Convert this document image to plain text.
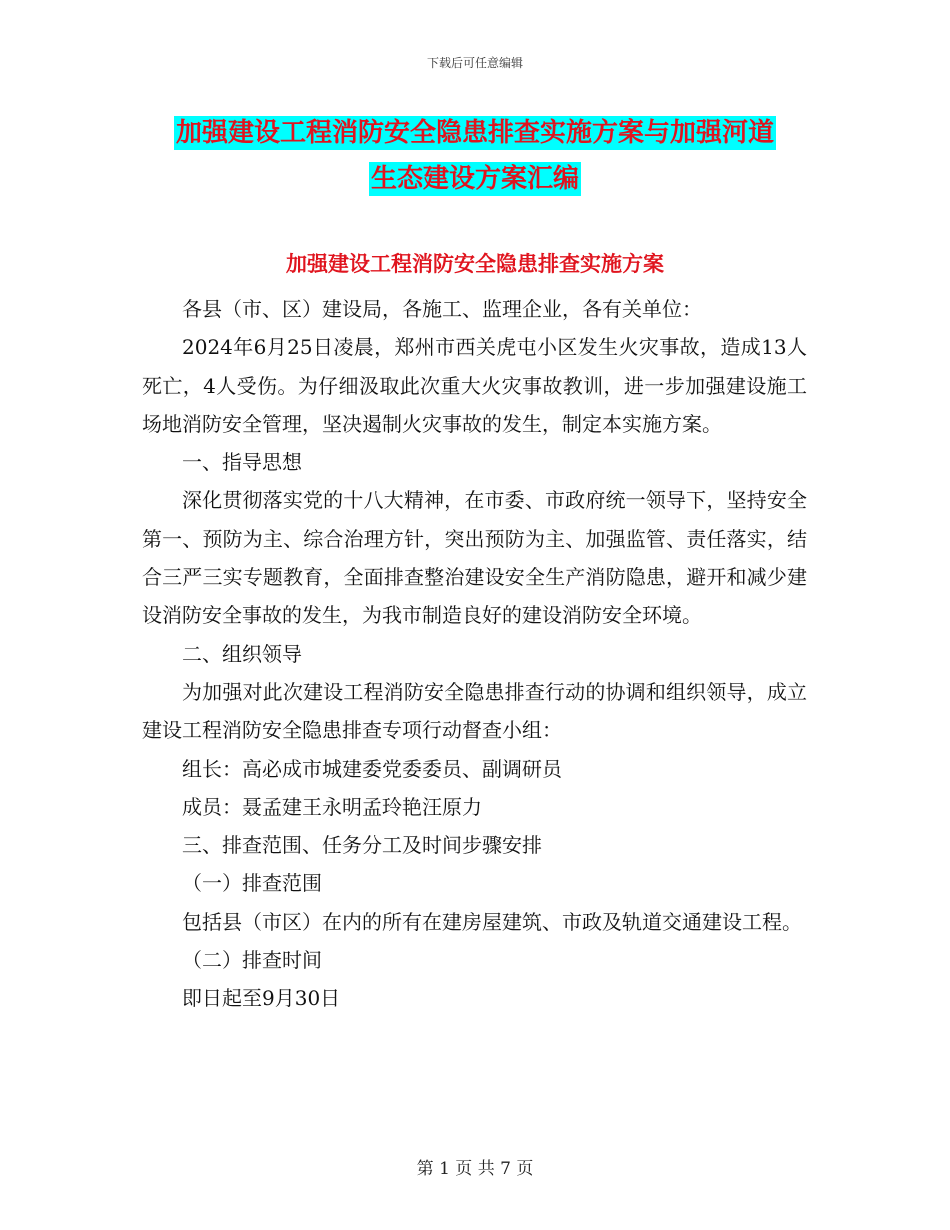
下载后可任意编辑
加强建设工程消防安全隐患排查实施方案与加强河道
生态建设方案汇编
加强建设工程消防安全隐患排查实施方案

各县（市、区）建设局，各施工、监理企业，各有关单位：

2024年6月25日凌晨，郑州市西关虎屯小区发生火灾事故，造成13人死亡，4人受伤。为仔细汲取此次重大火灾事故教训，进一步加强建设施工场地消防安全管理，坚决遏制火灾事故的发生，制定本实施方案。

一、指导思想

深化贯彻落实党的十八大精神，在市委、市政府统一领导下，坚持安全第一、预防为主、综合治理方针，突出预防为主、加强监管、责任落实，结合三严三实专题教育，全面排查整治建设安全生产消防隐患，避开和减少建设消防安全事故的发生，为我市制造良好的建设消防安全环境。

二、组织领导

为加强对此次建设工程消防安全隐患排查行动的协调和组织领导，成立建设工程消防安全隐患排查专项行动督查小组：

组长：高必成市城建委党委委员、副调研员

成员：聂孟建王永明孟玲艳汪原力

三、排查范围、任务分工及时间步骤安排

（一）排查范围

包括县（市区）在内的所有在建房屋建筑、市政及轨道交通建设工程。

（二）排查时间

即日起至9月30日

第 1 页 共 7 页
